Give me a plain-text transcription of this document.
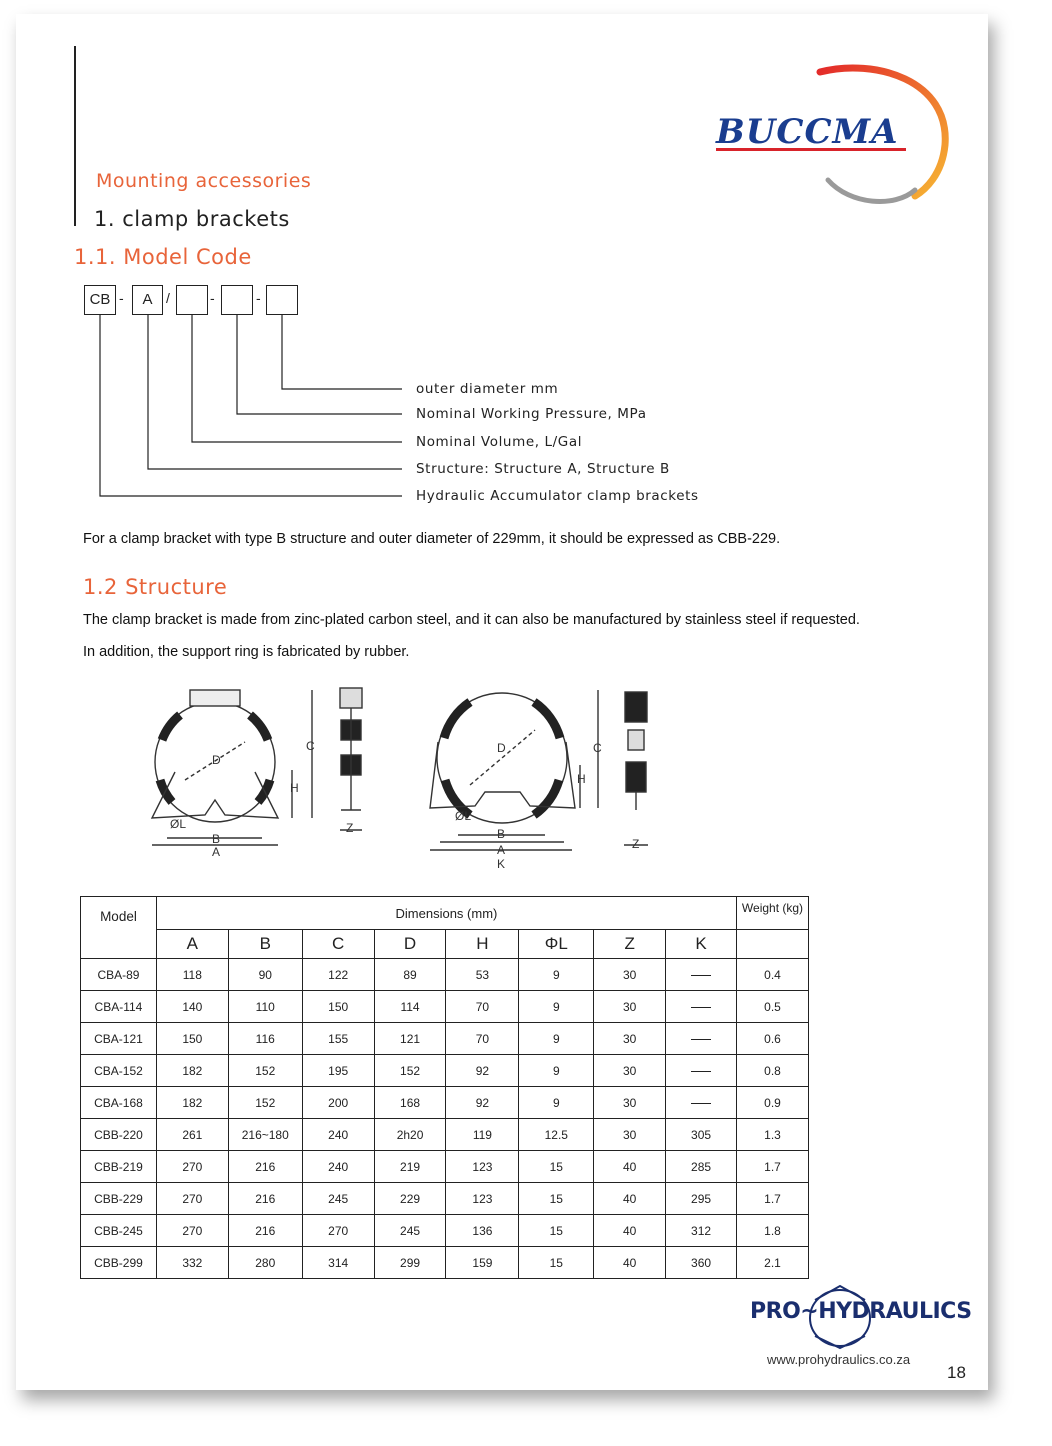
BUCCMA
Mounting accessories
1. clamp brackets
1.1. Model Code
CB -	A /	-	-
outer diameter mm
Nominal Working Pressure, MPa
Nominal Volume, L/Gal
Structure: Structure A, Structure B
Hydraulic Accumulator clamp brackets
For a clamp bracket with type B structure and outer diameter of 229mm, it should be expressed as CBB-229.
1.2 Structure
The clamp bracket is made from zinc-plated carbon steel, and it can also be manufactured by stainless steel if requested.
In addition, the support ring is fabricated by rubber.
C
D
H
ØL
B
A
Z
C
D
H
ØL
B
A
K
Z
Model	Dimensions (mm)								Weight (kg)
	A	B	C	D	H	ΦL	Z	K	
CBA-89	118	90	122	89	53	9	30		0.4
CBA-114	140	110	150	114	70	9	30		0.5
CBA-121	150	116	155	121	70	9	30		0.6
CBA-152	182	152	195	152	92	9	30		0.8
CBA-168	182	152	200	168	92	9	30		0.9
CBB-220	261	216~180	240	2h20	119	12.5	30	305	1.3
CBB-219	270	216	240	219	123	15	40	285	1.7
CBB-229	270	216	245	229	123	15	40	295	1.7
CBB-245	270	216	270	245	136	15	40	312	1.8
CBB-299	332	280	314	299	159	15	40	360	2.1
PRO~HYDRAULICS
www.prohydraulics.co.za
18
